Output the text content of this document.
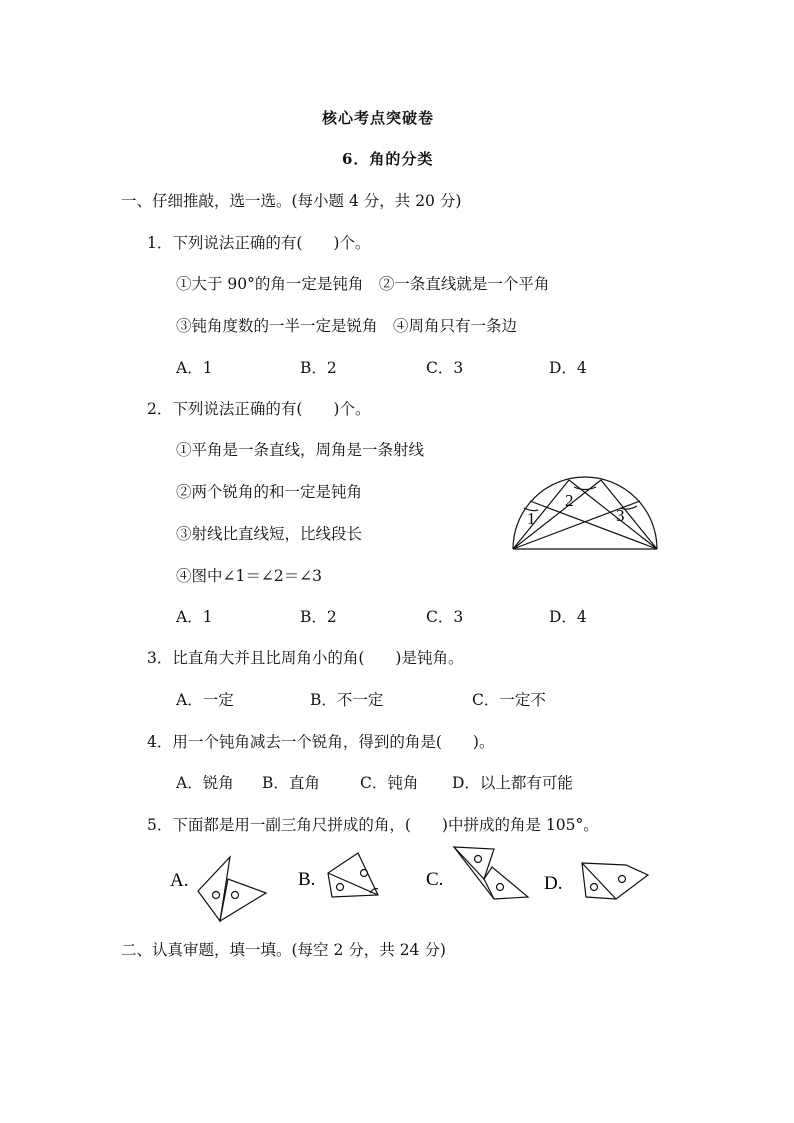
核心考点突破卷
6．角的分类
一、仔细推敲，选一选。(每小题 4 分，共 20 分)
1．下列说法正确的有(　　)个。
①大于 90°的角一定是钝角　②一条直线就是一个平角
③钝角度数的一半一定是锐角　④周角只有一条边
A．1	B．2	C．3	D．4
2．下列说法正确的有(　　)个。
①平角是一条直线，周角是一条射线
②两个锐角的和一定是钝角
③射线比直线短，比线段长
④图中∠1＝∠2＝∠3
1
2
3
A．1	B．2	C．3	D．4
3．比直角大并且比周角小的角(　　)是钝角。
A．一定	B．不一定	C．一定不
4．用一个钝角减去一个锐角，得到的角是(　　)。
A．锐角 B．直角	C．钝角 D．以上都有可能
5．下面都是用一副三角尺拼成的角，(　　)中拼成的角是 105°。
A.	B.	C.	D.
二、认真审题，填一填。(每空 2 分，共 24 分)
